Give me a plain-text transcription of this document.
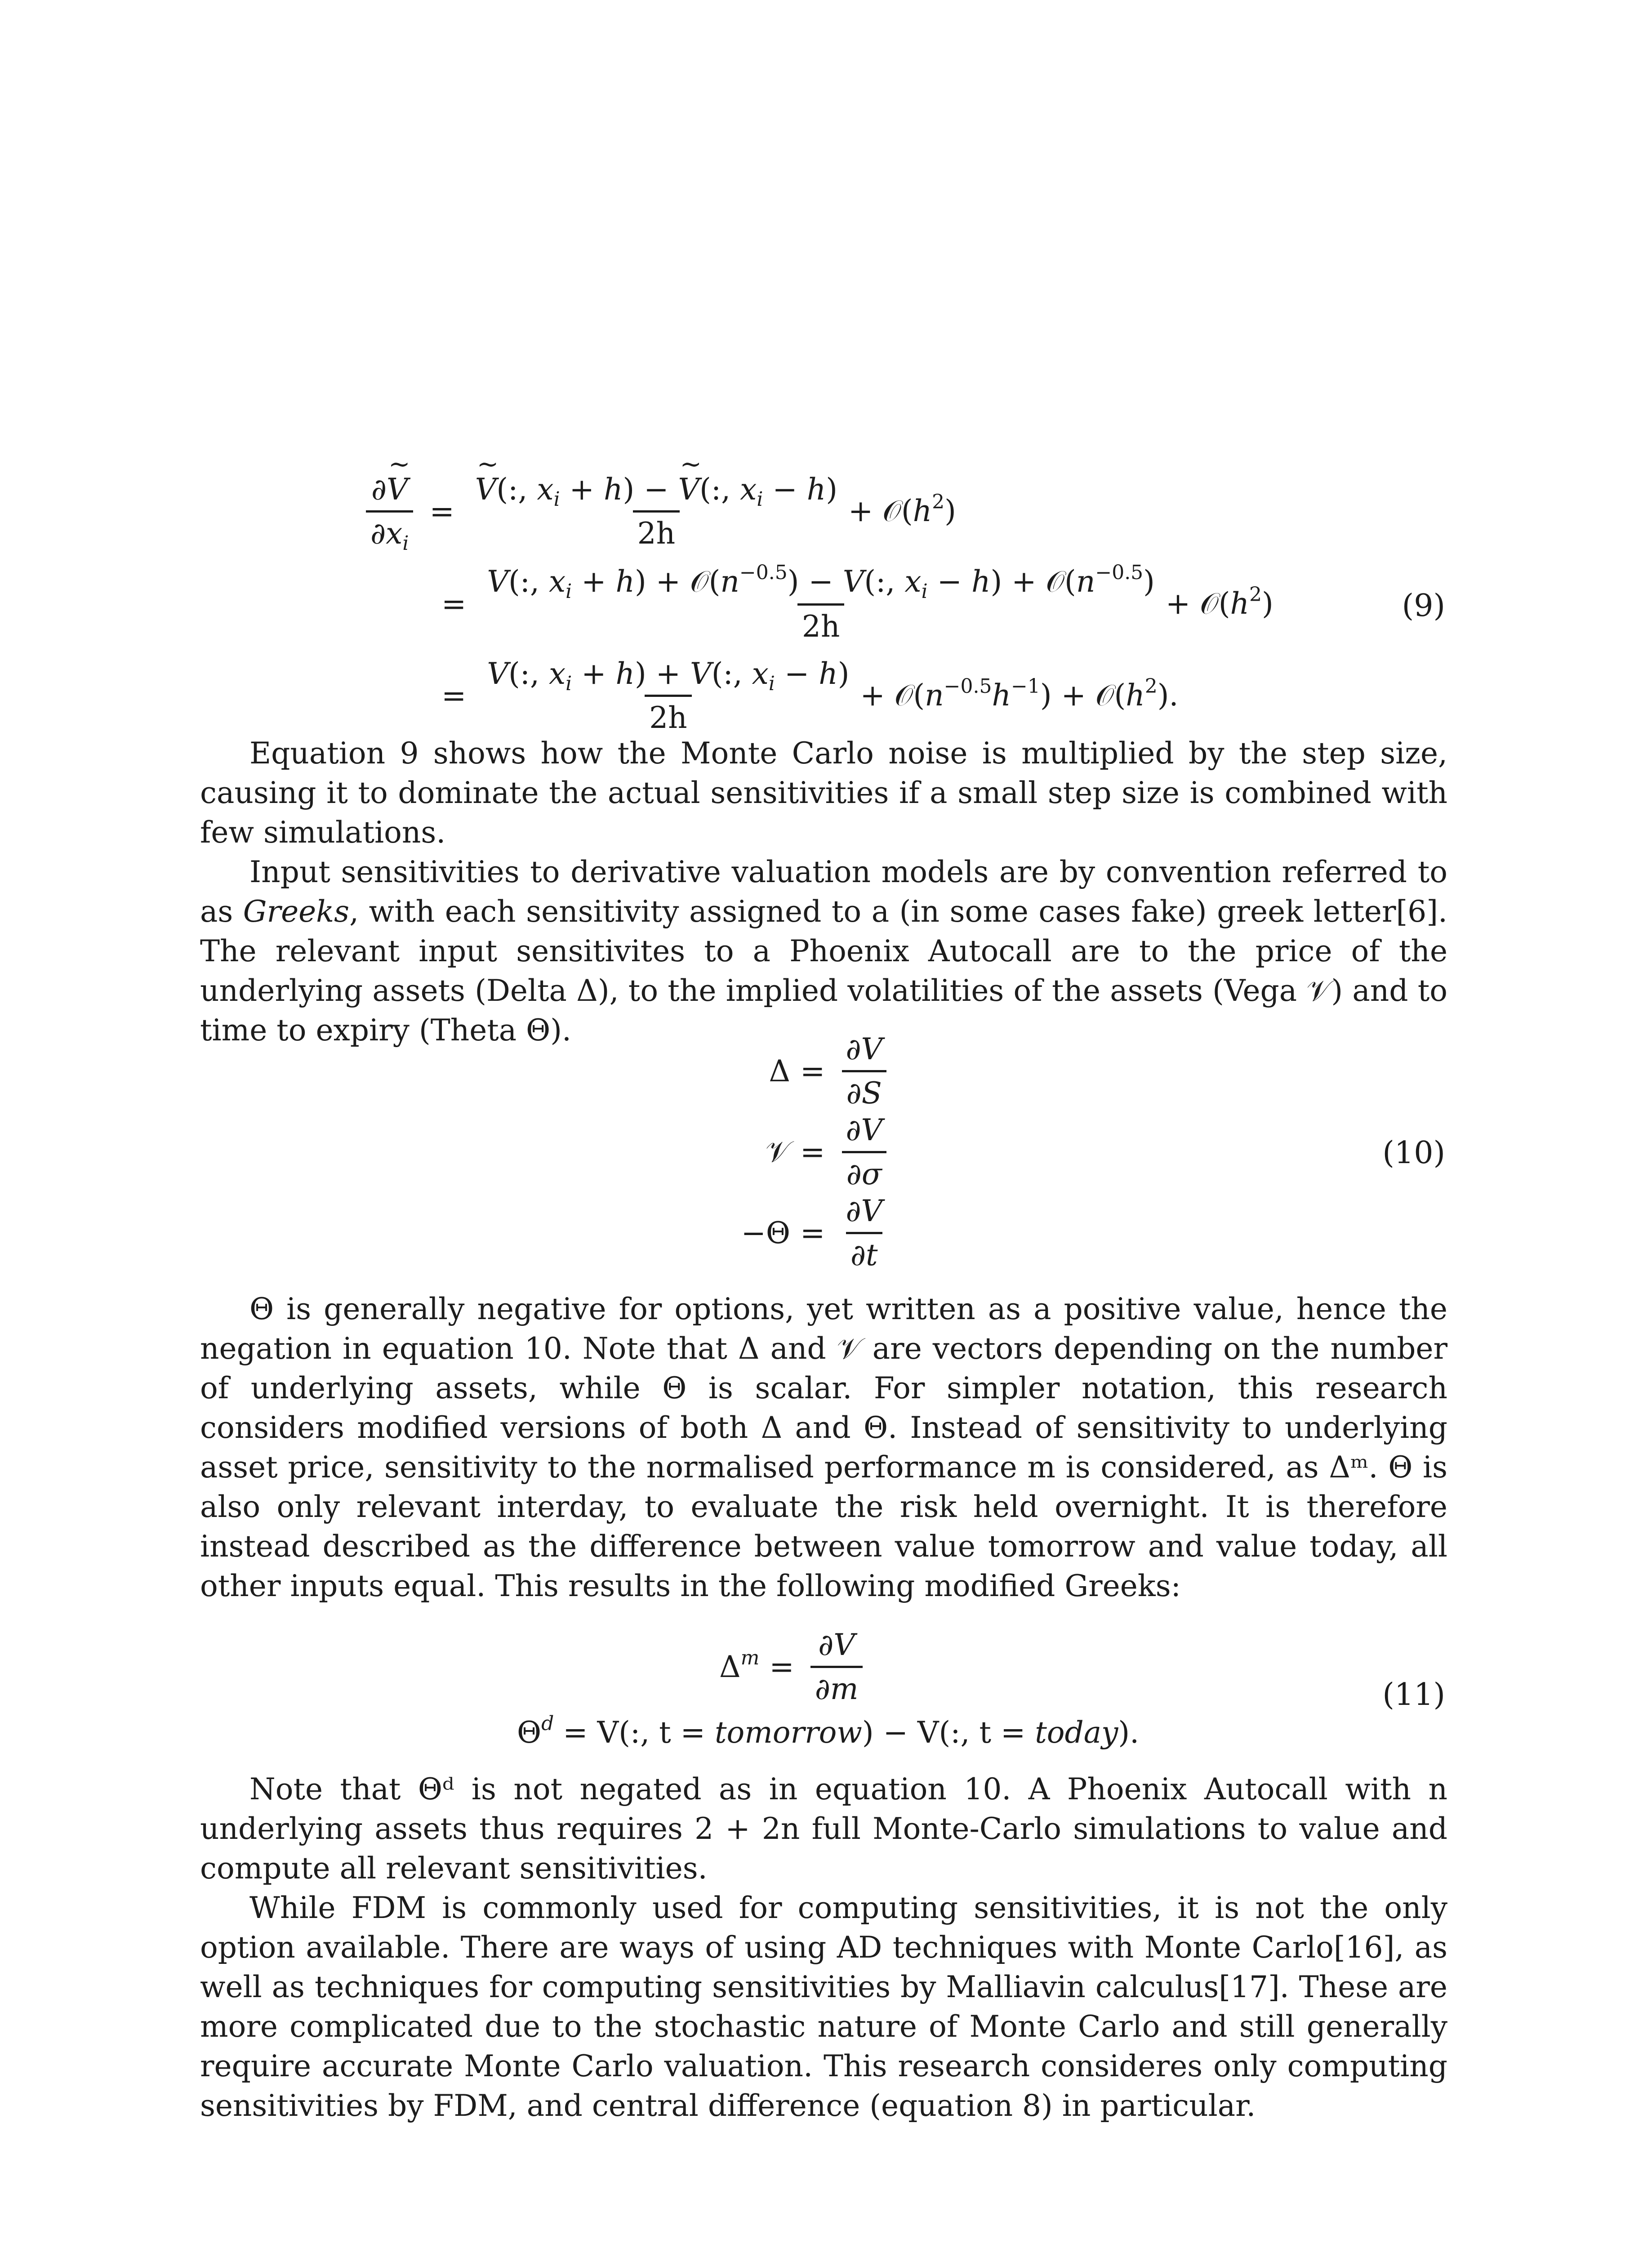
$\frac{\partial\sim V}{\partial x_i}$ =
~ $\frac{V(:, x_i + h) - \sim V(:, x_i - h)}{2h}$ + $𝒪(h^2)$
= $\frac{V(:, x_i + h) + 𝒪(n^{-0.5}) - V(:, x_i - h) + 𝒪(n^{-0.5})}{2h}$ + $𝒪(h^2)$
= $\frac{V(:, x_i + h) + V(:, x_i - h)}{2h}$ + $𝒪(n^{-0.5}h^{-1})$ + $𝒪(h^2)$.
(9)

Equation 9 shows how the Monte Carlo noise is multiplied by the step size, causing it to dominate the actual sensitivities if a small step size is combined with few simulations.

Input sensitivities to derivative valuation models are by convention referred to as Greeks, with each sensitivity assigned to a (in some cases fake) greek letter[6]. The relevant input sensitivites to a Phoenix Autocall are to the price of the underlying assets (Delta Δ), to the implied volatilities of the assets (Vega 𝒱) and to time to expiry (Theta Θ).

$\Delta = \frac{\partial V}{\partial S}$
𝒱 = $\frac{\partial V}{\partial\sigma}$
$-\Theta = \frac{\partial V}{\partial t}$
(10)

Θ is generally negative for options, yet written as a positive value, hence the negation in equation 10. Note that Δ and 𝒱 are vectors depending on the number of underlying assets, while Θ is scalar. For simpler notation, this research considers modified versions of both Δ and Θ. Instead of sensitivity to underlying asset price, sensitivity to the normalised performance m is considered, as Δᵐ. Θ is also only relevant interday, to evaluate the risk held overnight. It is therefore instead described as the difference between value tomorrow and value today, all other inputs equal. This results in the following modified Greeks:

$\Delta^m = \frac{\partial V}{\partial m}$
$\Theta^d = V$(:, t = tomorrow) − V(:, t = today).
(11)

Note that Θᵈ is not negated as in equation 10. A Phoenix Autocall with n underlying assets thus requires 2 + 2n full Monte-Carlo simulations to value and compute all relevant sensitivities.

While FDM is commonly used for computing sensitivities, it is not the only option available. There are ways of using AD techniques with Monte Carlo[16], as well as techniques for computing sensitivities by Malliavin calculus[17]. These are more complicated due to the stochastic nature of Monte Carlo and still generally require accurate Monte Carlo valuation. This research consideres only computing sensitivities by FDM, and central difference (equation 8) in particular.
